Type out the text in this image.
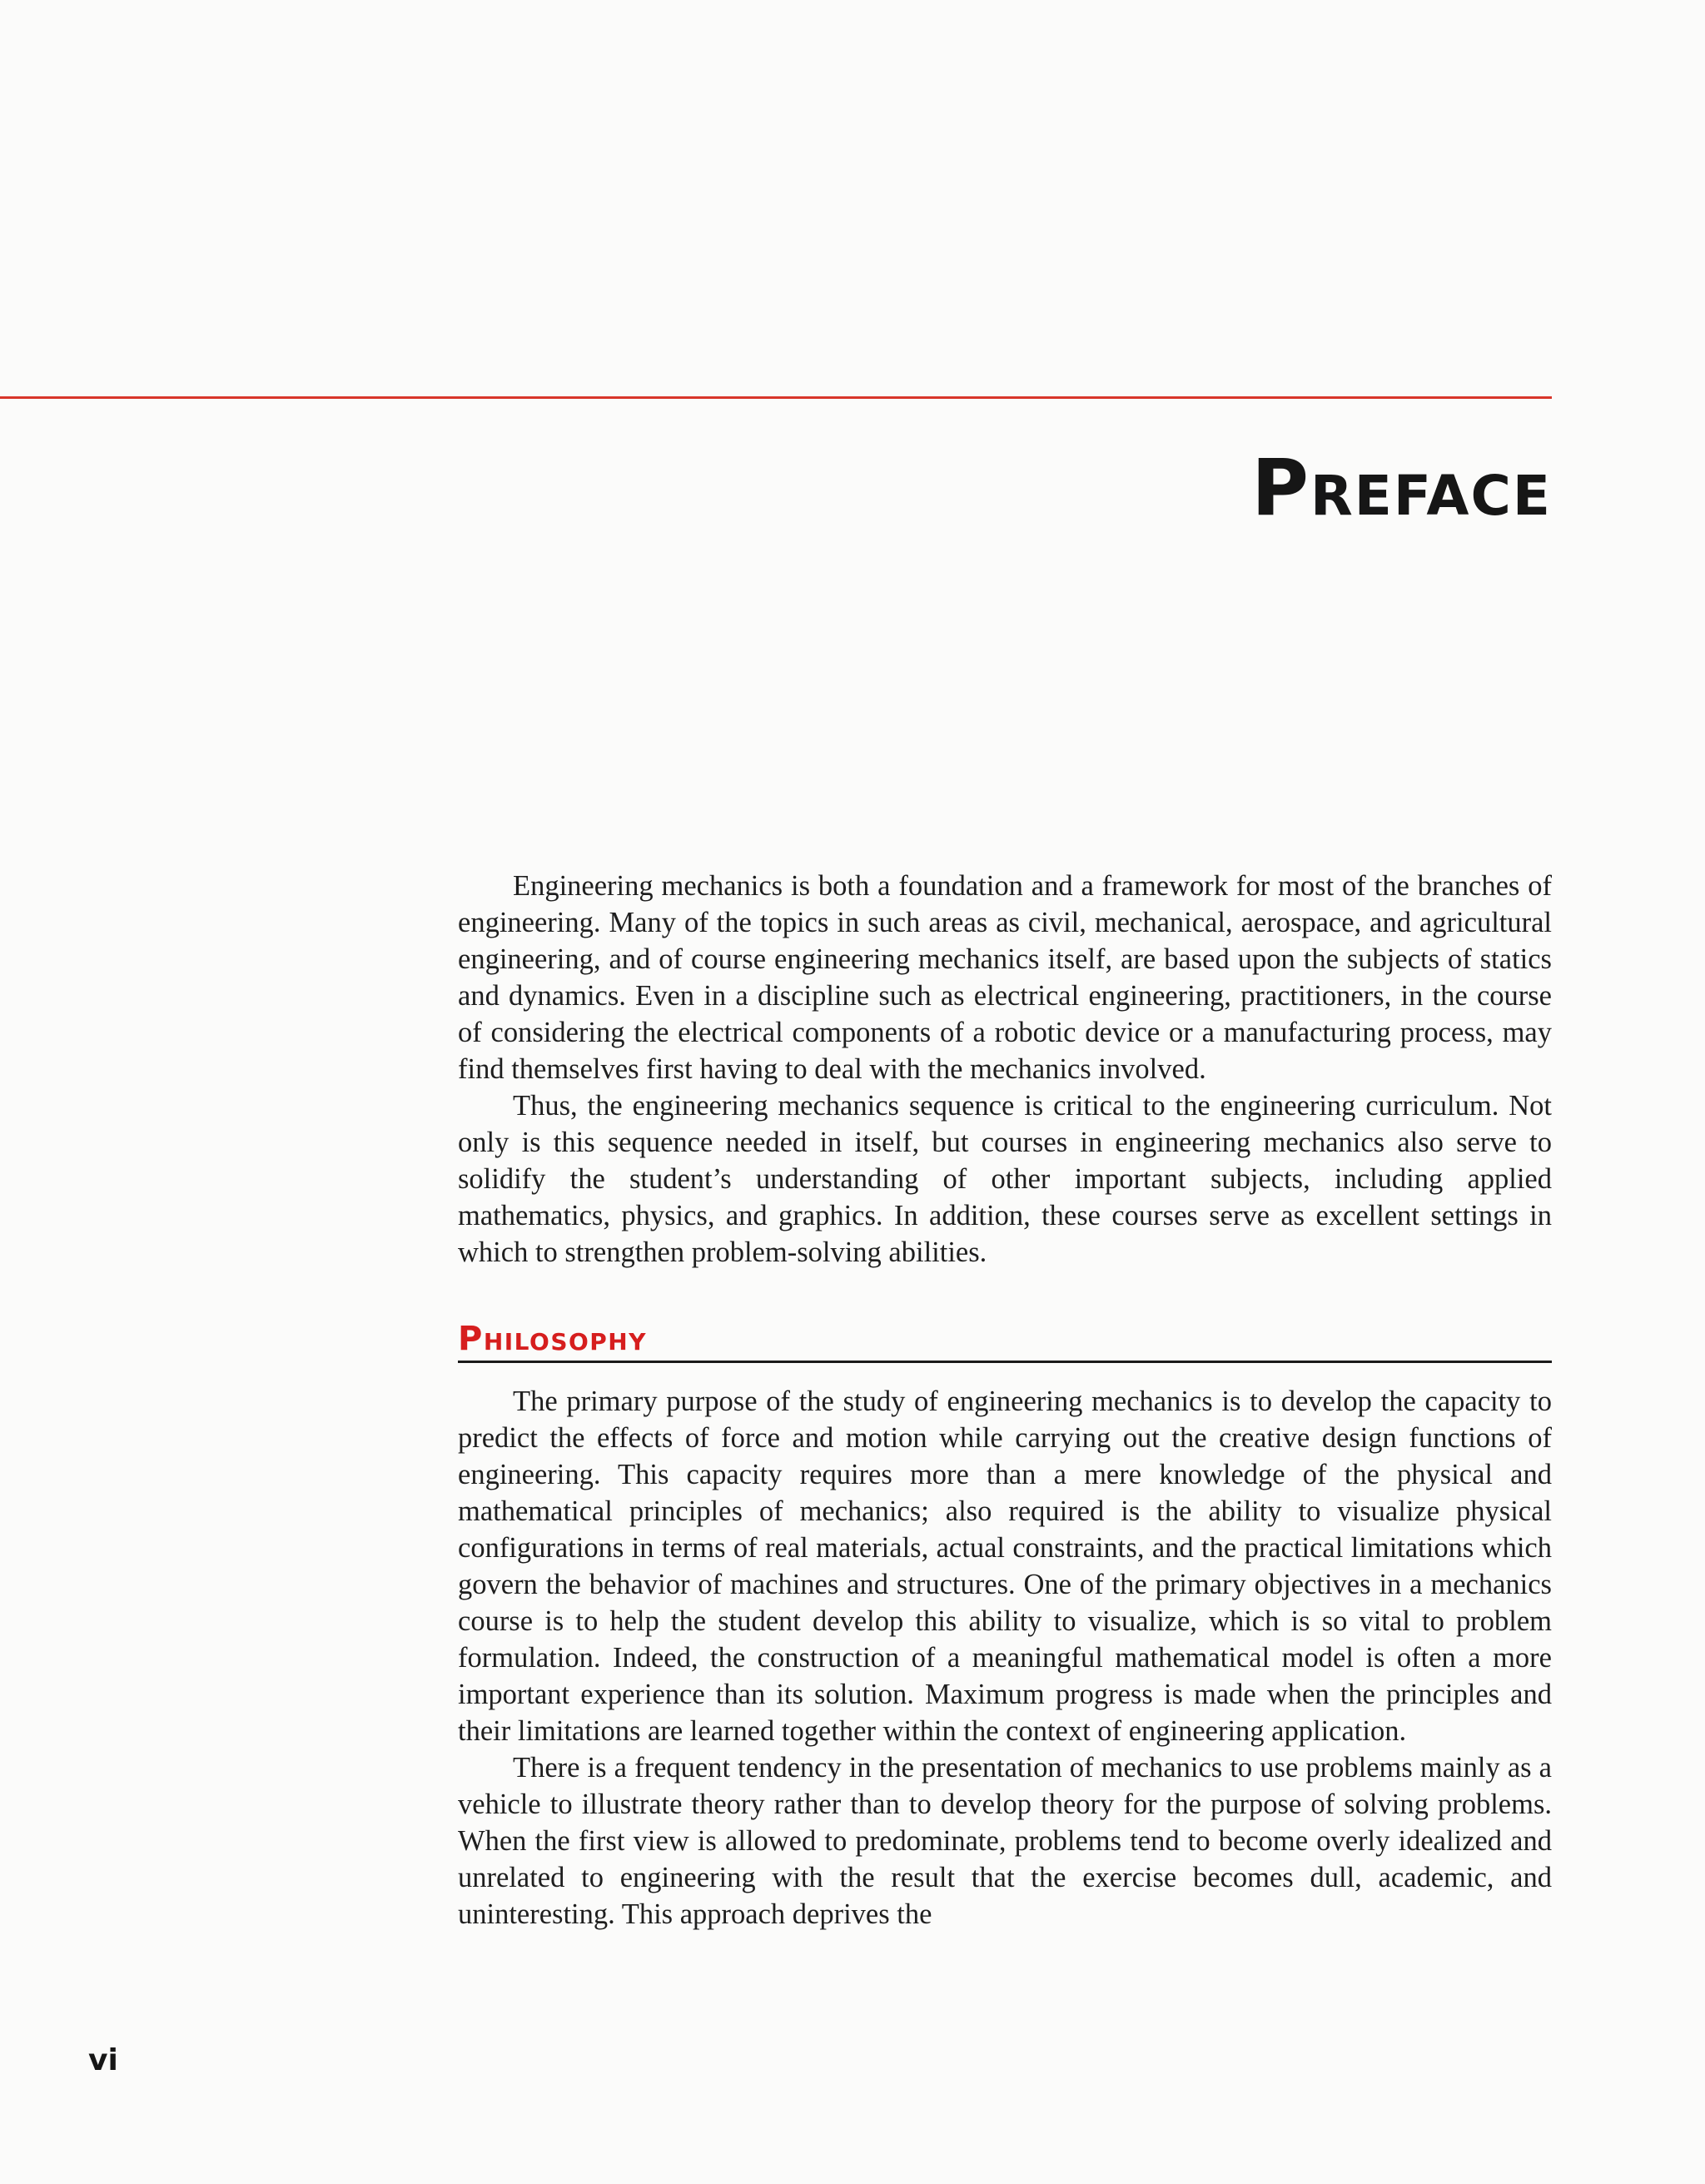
Preface

Engineering mechanics is both a foundation and a framework for most of the branches of engineering. Many of the topics in such areas as civil, mechanical, aerospace, and agricultural engineering, and of course engineering mechanics itself, are based upon the subjects of statics and dynamics. Even in a discipline such as electrical engineering, practitioners, in the course of considering the electrical components of a robotic device or a manufacturing process, may find themselves first having to deal with the mechanics involved.

Thus, the engineering mechanics sequence is critical to the engineering curriculum. Not only is this sequence needed in itself, but courses in engineering mechanics also serve to solidify the student’s understanding of other important subjects, including applied mathematics, physics, and graphics. In addition, these courses serve as excellent settings in which to strengthen problem-solving abilities.

Philosophy

The primary purpose of the study of engineering mechanics is to develop the capacity to predict the effects of force and motion while carrying out the creative design functions of engineering. This capacity requires more than a mere knowledge of the physical and mathematical principles of mechanics; also required is the ability to visualize physical configurations in terms of real materials, actual constraints, and the practical limitations which govern the behavior of machines and structures. One of the primary objectives in a mechanics course is to help the student develop this ability to visualize, which is so vital to problem formulation. Indeed, the construction of a meaningful mathematical model is often a more important experience than its solution. Maximum progress is made when the principles and their limitations are learned together within the context of engineering application.

There is a frequent tendency in the presentation of mechanics to use problems mainly as a vehicle to illustrate theory rather than to develop theory for the purpose of solving problems. When the first view is allowed to predominate, problems tend to become overly idealized and unrelated to engineering with the result that the exercise becomes dull, academic, and uninteresting. This approach deprives the

vi
